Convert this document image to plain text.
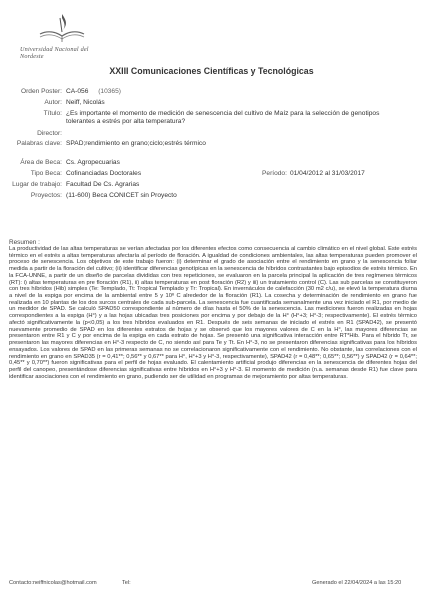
Universidad Nacional del Nordeste
XXIII Comunicaciones Científicas y Tecnológicas
Orden Poster: CA-056 (10365)
Autor: Neiff, Nicolás
Título: ¿Es importante el momento de medición de senescencia del cultivo de Maíz para la selección de genotipos tolerantes a estrés por alta temperatura?
Director:
Palabras clave: SPAD;rendimiento en grano;ciclo;estrés térmico
Área de Beca: Cs. Agropecuarias
Tipo Beca: Cofinanciadas Doctorales	Período: 01/04/2012 al 31/03/2017
Lugar de trabajo: Facultad De Cs. Agrarias
Proyectos: (11-600) Beca CONICET sin Proyecto
Resumen :
La productividad de las altas temperaturas se verían afectadas por los diferentes efectos como consecuencia al cambio climático en el nivel global. Este estrés térmico en el estrés a altas temperaturas afectaría al período de floración. A igualdad de condiciones ambientales, las altas temperaturas pueden promover el proceso de senescencia. Los objetivos de este trabajo fueron: (i) determinar el grado de asociación entre el rendimiento en grano y la senescencia foliar medida a partir de la floración del cultivo; (ii) identificar diferencias genotípicas en la senescencia de híbridos contrastantes bajo episodios de estrés térmico. En la FCA-UNNE, a partir de un diseño de parcelas divididas con tres repeticiones, se evaluaron en la parcela principal la aplicación de tres regímenes térmicos (RT): i) altas temperaturas en pre floración (R1), ii) altas temperaturas en post floración (R2) y iii) un tratamiento control (C). Las sub parcelas se constituyeron con tres híbridos (Hib) simples (Te: Templado, Tt: Tropical Templado y Tr: Tropical). En invernáculos de calefacción (30 m2 c/u), se elevó la temperatura diurna a nivel de la espiga por encima de la ambiental entre 5 y 10º C alrededor de la floración (R1). La cosecha y determinación de rendimiento en grano fue realizada en 10 plantas de los dos surcos centrales de cada sub-parcela. La senescencia fue cuantificada semanalmente una vez iniciado el R1, por medio de un medidor de SPAD. Se calculó SPAD50 correspondiente al número de días hasta el 50% de la senescencia. Las mediciones fueron realizadas en hojas correspondientes a la espiga (H°) y a las hojas ubicadas tres posiciones por encima y por debajo de la H° (H°+3; H°-3; respectivamente). El estrés térmico afectó significativamente la (p<0,05) a los tres híbridos evaluados en R1. Después de seis semanas de iniciado el estrés en R1 (SPAD42), se presentó nuevamente promedio de SPAD en los diferentes estratos de hojas y se observó que los mayores valores de C en la H°, las mayores diferencias se presentaron entre R1 y C y por encima de la espiga en cada estrato de hojas. Se presentó una significativa interacción entre RT*Hib. Para el híbrido Tr, se presentaron las mayores diferencias en H°-3 respecto de C, no siendo así para Te y Tt. En H°-3, no se presentaron diferencias significativas para los híbridos ensayados. Los valores de SPAD en las primeras semanas no se correlacionaron significativamente con el rendimiento. No obstante, las correlaciones con el rendimiento en grano en SPAD35 (r = 0,41**; 0,56** y 0,67** para H°, H°+3 y H°-3, respectivamente), SPAD42 (r = 0,48**; 0,65**; 0,56**) y SPAD42 (r = 0,64**; 0,45** y 0,70**) fueron significativas para el perfil de hojas evaluado. El calentamiento artificial produjo diferencias en la senescencia de diferentes hojas del perfil del canopeo, presentándose diferencias significativas entre híbridos en H°+3 y H°-3. El momento de medición (n.a. semanas desde R1) fue clave para identificar asociaciones con el rendimiento en grano, pudiendo ser de utilidad en programas de mejoramiento por altas temperaturas.
Contacto:neiffnicolas@hotmail.com	Tel:	Generado el 22/04/2024 a las 15:20
